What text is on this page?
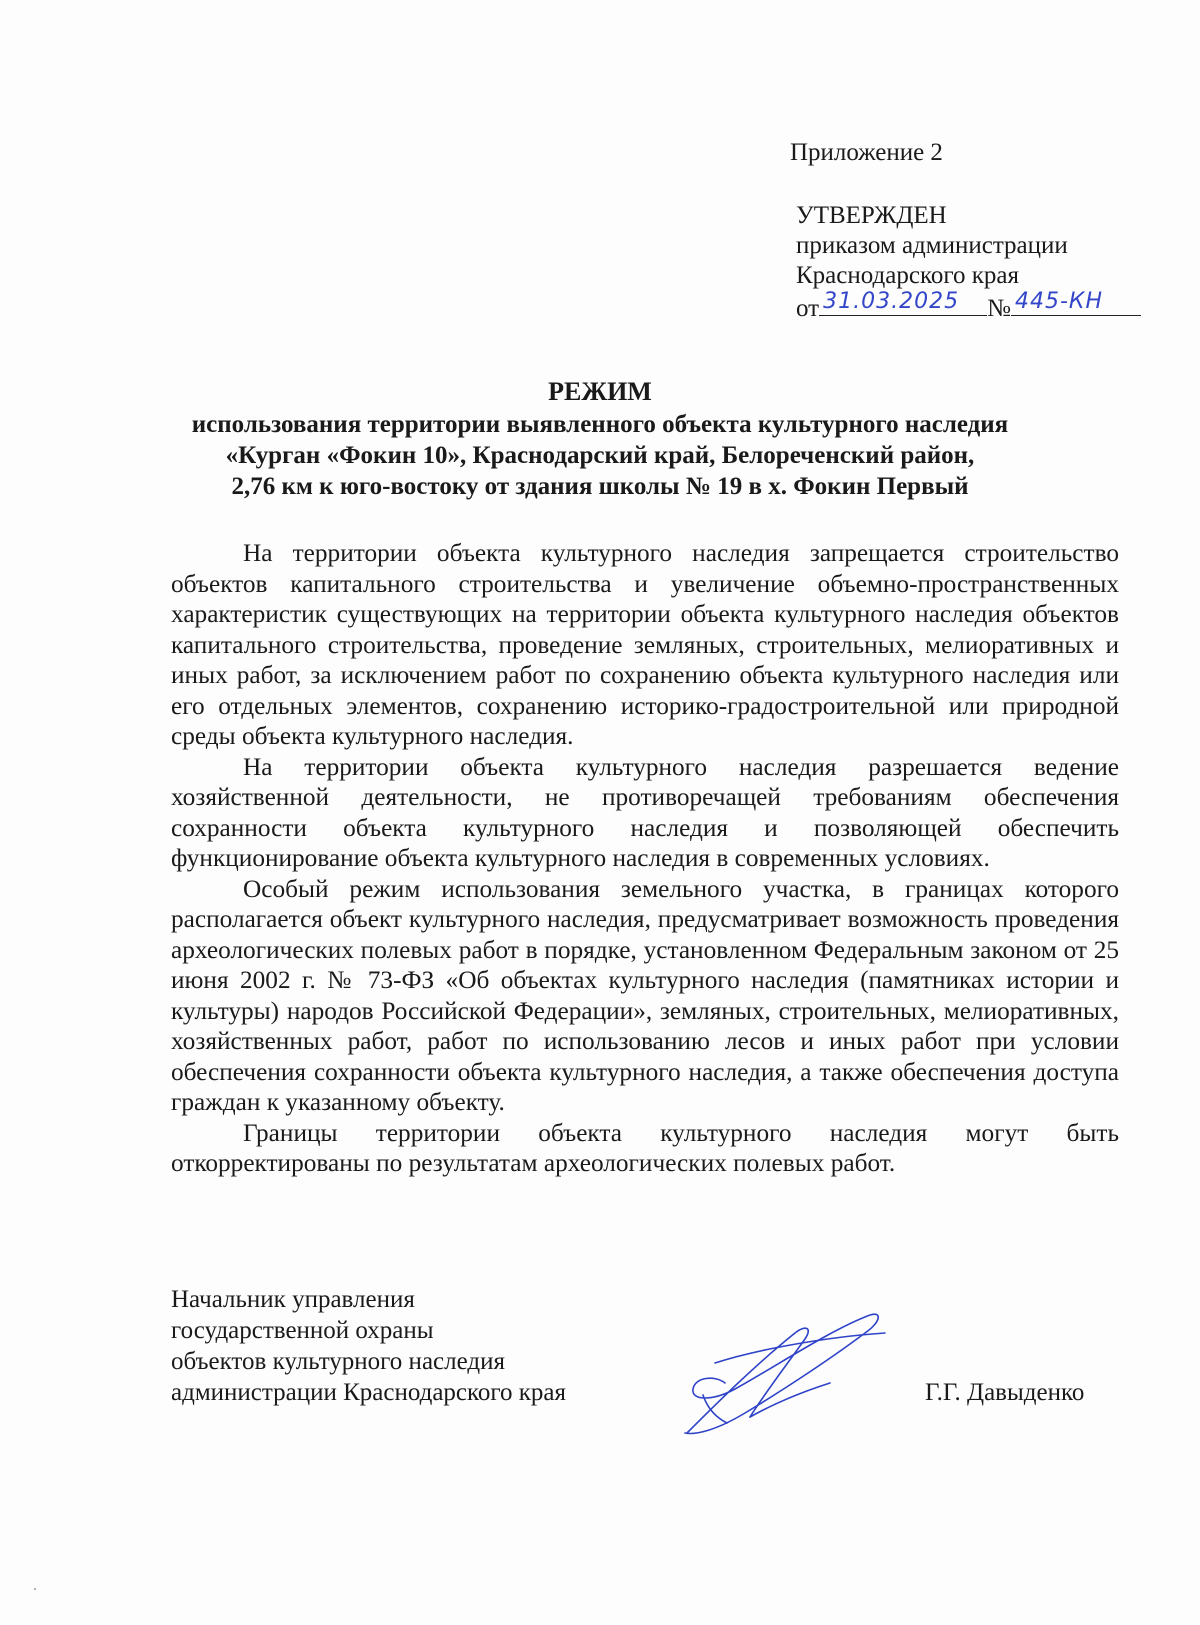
Приложение 2
УТВЕРЖДЕН
приказом администрации
Краснодарского края
от 31.03.2025 № 445-КН
РЕЖИМ
использования территории выявленного объекта культурного наследия
«Курган «Фокин 10», Краснодарский край, Белореченский район,
2,76 км к юго-востоку от здания школы № 19 в х. Фокин Первый

На территории объекта культурного наследия запрещается строительство объектов капитального строительства и увеличение объемно-пространственных характеристик существующих на территории объекта культурного наследия объектов капитального строительства, проведение земляных, строительных, мелиоративных и иных работ, за исключением работ по сохранению объекта культурного наследия или его отдельных элементов, сохранению историко-градостроительной или природной среды объекта культурного наследия.

На территории объекта культурного наследия разрешается ведение хозяйственной деятельности, не противоречащей требованиям обеспечения сохранности объекта культурного наследия и позволяющей обеспечить функционирование объекта культурного наследия в современных условиях.

Особый режим использования земельного участка, в границах которого располагается объект культурного наследия, предусматривает возможность проведения археологических полевых работ в порядке, установленном Федеральным законом от 25 июня 2002 г. № 73-ФЗ «Об объектах культурного наследия (памятниках истории и культуры) народов Российской Федерации», земляных, строительных, мелиоративных, хозяйственных работ, работ по использованию лесов и иных работ при условии обеспечения сохранности объекта культурного наследия, а также обеспечения доступа граждан к указанному объекту.

Границы территории объекта культурного наследия могут быть откорректированы по результатам археологических полевых работ.

Начальник управления
государственной охраны
объектов культурного наследия
администрации Краснодарского края	Г.Г. Давыденко
